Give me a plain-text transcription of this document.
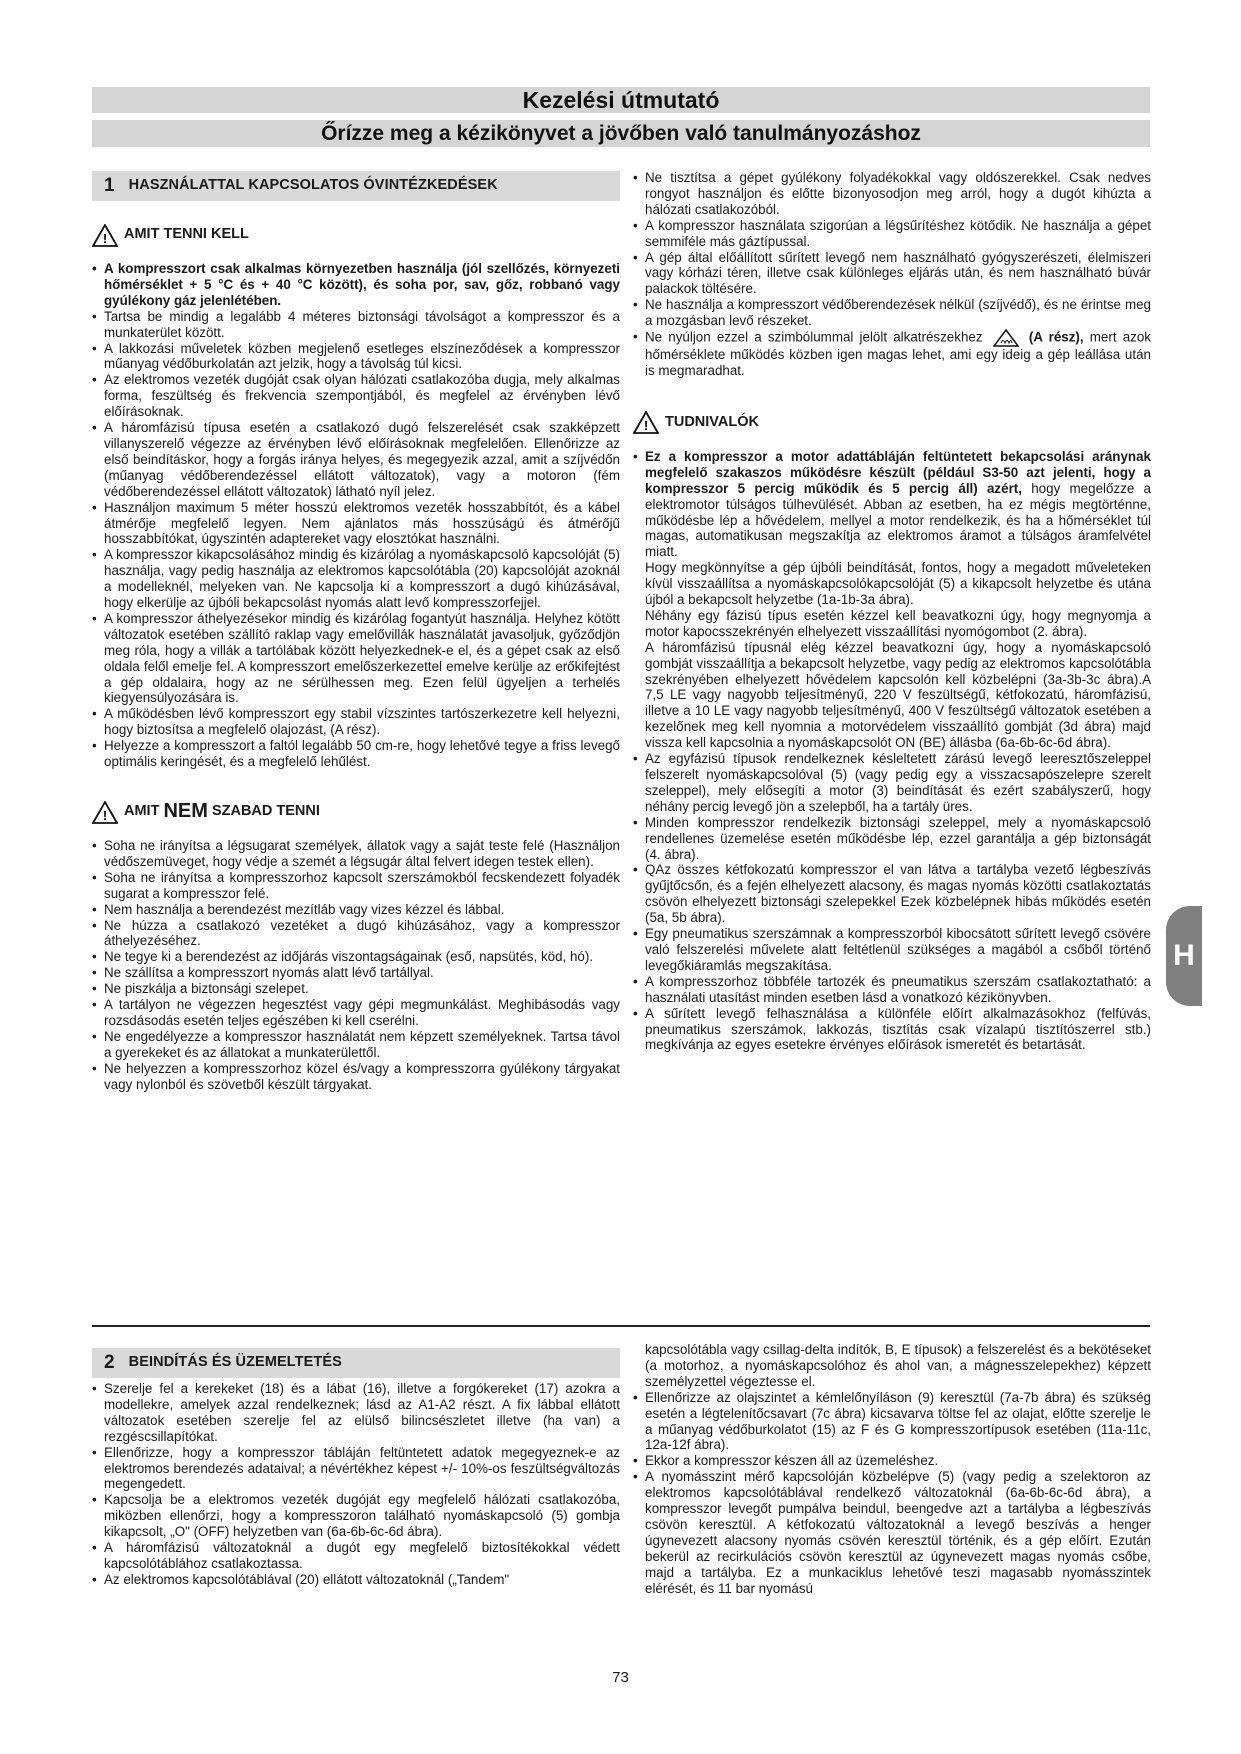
Kezelési útmutató
Őrízze meg a kézikönyvet a jövőben való tanulmányozáshoz
1 HASZNÁLATTAL KAPCSOLATOS ÓVINTÉZKEDÉSEK
! AMIT TENNI KELL
• A kompresszort csak alkalmas környezetben használja (jól szellőzés, környezeti hőmérséklet + 5 °C és + 40 °C között), és soha por, sav, gőz, robbanó vagy gyúlékony gáz jelenlétében.
• Tartsa be mindig a legalább 4 méteres biztonsági távolságot a kompresszor és a munkaterület között.
• A lakkozási műveletek közben megjelenő esetleges elszíneződések a kompresszor műanyag védőburkolatán azt jelzik, hogy a távolság túl kicsi.
• Az elektromos vezeték dugóját csak olyan hálózati csatlakozóba dugja, mely alkalmas forma, feszültség és frekvencia szempontjából, és megfelel az érvényben lévő előírásoknak.
• A háromfázisú típusa esetén a csatlakozó dugó felszerelését csak szakképzett villanyszerelő végezze az érvényben lévő előírásoknak megfelelően. Ellenőrizze az első beindításkor, hogy a forgás iránya helyes, és megegyezik azzal, amit a szíjvédőn (műanyag védőberendezéssel ellátott változatok), vagy a motoron (fém védőberendezéssel ellátott változatok) látható nyíl jelez.
• Használjon maximum 5 méter hosszú elektromos vezeték hosszabbítót, és a kábel átmérője megfelelő legyen. Nem ajánlatos más hosszúságú és átmérőjű hosszabbítókat, úgyszintén adaptereket vagy elosztókat használni.
• A kompresszor kikapcsolásához mindig és kizárólag a nyomáskapcsoló kapcsolóját (5) használja, vagy pedig használja az elektromos kapcsolótábla (20) kapcsolóját azoknál a modelleknél, melyeken van. Ne kapcsolja ki a kompresszort a dugó kihúzásával, hogy elkerülje az újbóli bekapcsolást nyomás alatt levő kompresszorfejjel.
• A kompresszor áthelyezésekor mindig és kizárólag fogantyút használja. Helyhez kötött változatok esetében szállító raklap vagy emelővillák használatát javasoljuk, győződjön meg róla, hogy a villák a tartólábak között helyezkednek-e el, és a gépet csak az első oldala felől emelje fel. A kompresszort emelőszerkezettel emelve kerülje az erőkifejtést a gép oldalaira, hogy az ne sérülhessen meg. Ezen felül ügyeljen a terhelés kiegyensúlyozására is.
• A működésben lévő kompresszort egy stabil vízszintes tartószerkezetre kell helyezni, hogy biztosítsa a megfelelő olajozást, (A rész).
• Helyezze a kompresszort a faltól legalább 50 cm-re, hogy lehetővé tegye a friss levegő optimális keringését, és a megfelelő lehűlést.
! AMIT
NEM
SZABAD TENNI
• Soha ne irányítsa a légsugarat személyek, állatok vagy a saját teste felé (Használjon védőszemüveget, hogy védje a szemét a légsugár által felvert idegen testek ellen).
• Soha ne irányítsa a kompresszorhoz kapcsolt szerszámokból fecskendezett folyadék sugarat a kompresszor felé.
• Nem használja a berendezést mezítláb vagy vizes kézzel és lábbal.
• Ne húzza a csatlakozó vezetéket a dugó kihúzásához, vagy a kompresszor áthelyezéséhez.
• Ne tegye ki a berendezést az időjárás viszontagságainak (eső, napsütés, köd, hó).
• Ne szállítsa a kompresszort nyomás alatt lévő tartállyal.
• Ne piszkálja a biztonsági szelepet.
• A tartályon ne végezzen hegesztést vagy gépi megmunkálást. Meghibásodás vagy rozsdásodás esetén teljes egészében ki kell cserélni.
• Ne engedélyezze a kompresszor használatát nem képzett személyeknek. Tartsa távol a gyerekeket és az állatokat a munkaterülettől.
• Ne helyezzen a kompresszorhoz közel és/vagy a kompresszorra gyúlékony tárgyakat vagy nylonból és szövetből készült tárgyakat.
• Ne tisztítsa a gépet gyúlékony folyadékokkal vagy oldószerekkel. Csak nedves rongyot használjon és előtte bizonyosodjon meg arról, hogy a dugót kihúzta a hálózati csatlakozóból.
• A kompresszor használata szigorúan a légsűrítéshez kötődik. Ne használja a gépet semmiféle más gáztípussal.
• A gép által előállított sűrített levegő nem használható gyógyszerészeti, élelmiszeri vagy kórházi téren, illetve csak különleges eljárás után, és nem használható búvár palackok töltésére.
• Ne használja a kompresszort védőberendezések nélkül (szíjvédő), és ne érintse meg a mozgásban levő részeket.
• Ne nyúljon ezzel a szimbólummal jelölt alkatrészekhez	(A rész), mert azok hőmérséklete működés közben igen magas lehet, ami egy ideig a gép leállása után is megmaradhat.
! TUDNIVALÓK
• Ez a kompresszor a motor adattábláján feltüntetett bekapcsolási aránynak megfelelő szakaszos működésre készült (például S3-50 azt jelenti, hogy a kompresszor 5 percig működik és 5 percig áll) azért, hogy megelőzze a elektromotor túlságos túlhevülését. Abban az esetben, ha ez mégis megtörténne, működésbe lép a hővédelem, mellyel a motor rendelkezik, és ha a hőmérséklet túl magas, automatikusan megszakítja az elektromos áramot a túlságos áramfelvétel miatt.
Hogy megkönnyítse a gép újbóli beindítását, fontos, hogy a megadott műveleteken kívül visszaállítsa a nyomáskapcsolókapcsolóját (5) a kikapcsolt helyzetbe és utána újból a bekapcsolt helyzetbe (1a-1b-3a ábra).
Néhány egy fázisú típus esetén kézzel kell beavatkozni úgy, hogy megnyomja a motor kapocsszekrényén elhelyezett visszaállítási nyomógombot (2. ábra).
A háromfázisú típusnál elég kézzel beavatkozni úgy, hogy a nyomáskapcsoló gombját visszaállítja a bekapcsolt helyzetbe, vagy pedig az elektromos kapcsolótábla szekrényében elhelyezett hővédelem kapcsolón kell közbelépni (3a-3b-3c ábra).A 7,5 LE vagy nagyobb teljesítményű, 220 V feszültségű, kétfokozatú, háromfázisú, illetve a 10 LE vagy nagyobb teljesítményű, 400 V feszültségű változatok esetében a kezelőnek meg kell nyomnia a motorvédelem visszaállító gombját (3d ábra) majd vissza kell kapcsolnia a nyomáskapcsolót ON (BE) állásba (6a-6b-6c-6d ábra).
• Az egyfázisú típusok rendelkeznek késleltetett zárású levegő leeresztőszeleppel felszerelt nyomáskapcsolóval (5) (vagy pedig egy a visszacsapószelepre szerelt szeleppel), mely elősegíti a motor (3) beindítását és ezért szabályszerű, hogy néhány percig levegő jön a szelepből, ha a tartály üres.
• Minden kompresszor rendelkezik biztonsági szeleppel, mely a nyomáskapcsoló rendellenes üzemelése esetén működésbe lép, ezzel garantálja a gép biztonságát (4. ábra).
• QAz összes kétfokozatú kompresszor el van látva a tartályba vezető légbeszívás gyűjtőcsőn, és a fején elhelyezett alacsony, és magas nyomás közötti csatlakoztatás csövön elhelyezett biztonsági szelepekkel Ezek közbelépnek hibás működés esetén (5a, 5b ábra).
• Egy pneumatikus szerszámnak a kompresszorból kibocsátott sűrített levegő csövére való felszerelési művelete alatt feltétlenül szükséges a magából a csőből történő levegőkiáramlás megszakítása.
• A kompresszorhoz többféle tartozék és pneumatikus szerszám csatlakoztatható: a használati utasítást minden esetben lásd a vonatkozó kézikönyvben.
• A sűrített levegő felhasználása a különféle előírt alkalmazásokhoz (felfúvás, pneumatikus szerszámok, lakkozás, tisztítás csak vízalapú tisztítószerrel stb.) megkívánja az egyes esetekre érvényes előírások ismeretét és betartását.
2 BEINDÍTÁS ÉS ÜZEMELTETÉS
• Szerelje fel a kerekeket (18) és a lábat (16), illetve a forgókereket (17) azokra a modellekre, amelyek azzal rendelkeznek; lásd az A1-A2 részt. A fix lábbal ellátott változatok esetében szerelje fel az elülső bilincsészletet illetve (ha van) a rezgéscsillapítókat.
• Ellenőrizze, hogy a kompresszor tábláján feltüntetett adatok megegyeznek-e az elektromos berendezés adataival; a névértékhez képest +/- 10%-os feszültségváltozás megengedett.
• Kapcsolja be a elektromos vezeték dugóját egy megfelelő hálózati csatlakozóba, miközben ellenőrzi, hogy a kompresszoron található nyomáskapcsoló (5) gombja kikapcsolt, „O" (OFF) helyzetben van (6a-6b-6c-6d ábra).
• A háromfázisú változatoknál a dugót egy megfelelő biztosítékokkal védett kapcsolótáblához csatlakoztassa.
• Az elektromos kapcsolótáblával (20) ellátott változatoknál („Tandem"
kapcsolótábla vagy csillag-delta indítók, B, E típusok) a felszerelést és a bekötéseket (a motorhoz, a nyomáskapcsolóhoz és ahol van, a mágnesszelepekhez) képzett személyzettel végeztesse el.
• Ellenőrizze az olajszintet a kémlelőnyíláson (9) keresztül (7a-7b ábra) és szükség esetén a légtelenítőcsavart (7c ábra) kicsavarva töltse fel az olajat, előtte szerelje le a műanyag védőburkolatot (15) az F és G kompresszortípusok esetében (11a-11c, 12a-12f ábra).
• Ekkor a kompresszor készen áll az üzemeléshez.
• A nyomásszint mérő kapcsolóján közbelépve (5) (vagy pedig a szelektoron az elektromos kapcsolótáblával rendelkező változatoknál (6a-6b-6c-6d ábra), a kompresszor levegőt pumpálva beindul, beengedve azt a tartályba a légbeszívás csövön keresztül. A kétfokozatú változatoknál a levegő beszívás a henger úgynevezett alacsony nyomás csövén keresztül történik, és a gép előírt. Ezután bekerül az recirkulációs csövön keresztül az úgynevezett magas nyomás csőbe, majd a tartályba. Ez a munkaciklus lehetővé teszi magasabb nyomásszintek elérését, és 11 bar nyomású
H
73
